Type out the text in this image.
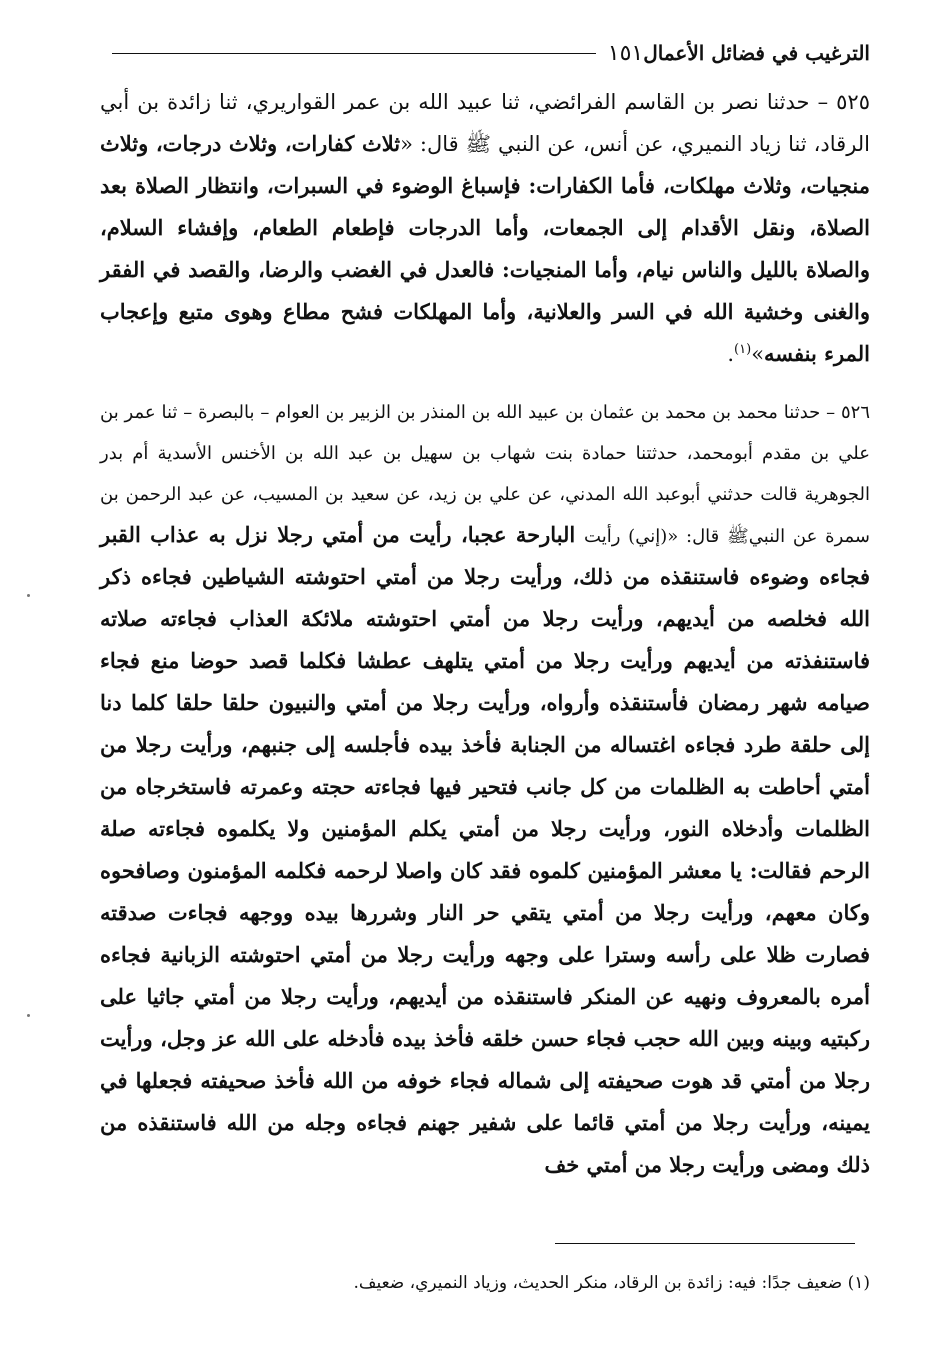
الترغيب في فضائل الأعمال
١٥١

٥٢٥ – حدثنا نصر بن القاسم الفرائضي، ثنا عبيد الله بن عمر القواريري، ثنا زائدة بن أبي الرقاد، ثنا زياد النميري، عن أنس، عن النبي ﷺ قال: «ثلاث كفارات، وثلاث درجات، وثلاث منجيات، وثلاث مهلكات، فأما الكفارات: فإسباغ الوضوء في السبرات، وانتظار الصلاة بعد الصلاة، ونقل الأقدام إلى الجمعات، وأما الدرجات فإطعام الطعام، وإفشاء السلام، والصلاة بالليل والناس نيام، وأما المنجيات: فالعدل في الغضب والرضا، والقصد في الفقر والغنى وخشية الله في السر والعلانية، وأما المهلكات فشح مطاع وهوى متبع وإعجاب المرء بنفسه»$^{(١)}$.

٥٢٦ – حدثنا محمد بن محمد بن عثمان بن عبيد الله بن المنذر بن الزبير بن العوام – بالبصرة – ثنا عمر بن علي بن مقدم أبومحمد، حدثتنا حمادة بنت شهاب بن سهيل بن عبد الله بن الأخنس الأسدية أم بدر الجوهرية قالت حدثني أبوعبد الله المدني، عن علي بن زيد، عن سعيد بن المسيب، عن عبد الرحمن بن سمرة عن النبيﷺ قال: «(إني) رأيت البارحة عجبا، رأيت من أمتي رجلا نزل به عذاب القبر فجاءه وضوءه فاستنقذه من ذلك، ورأيت رجلا من أمتي احتوشته الشياطين فجاءه ذكر الله فخلصه من أيديهم، ورأيت رجلا من أمتي احتوشته ملائكة العذاب فجاءته صلاته فاستنفذته من أيديهم ورأيت رجلا من أمتي يتلهف عطشا فكلما قصد حوضا منع فجاء صيامه شهر رمضان فأستنقذه وأرواه، ورأيت رجلا من أمتي والنبيون حلقا حلقا كلما دنا إلى حلقة طرد فجاءه اغتساله من الجنابة فأخذ بيده فأجلسه إلى جنبهم، ورأيت رجلا من أمتي أحاطت به الظلمات من كل جانب فتحير فيها فجاءته حجته وعمرته فاستخرجاه من الظلمات وأدخلاه النور، ورأيت رجلا من أمتي يكلم المؤمنين ولا يكلموه فجاءته صلة الرحم فقالت: يا معشر المؤمنين كلموه فقد كان واصلا لرحمه فكلمه المؤمنون وصافحوه وكان معهم، ورأيت رجلا من أمتي يتقي حر النار وشررها بيده ووجهه فجاءت صدقته فصارت ظلا على رأسه وسترا على وجهه ورأيت رجلا من أمتي احتوشته الزبانية فجاءه أمره بالمعروف ونهيه عن المنكر فاستنقذه من أيديهم، ورأيت رجلا من أمتي جاثيا على ركبتيه وبينه وبين الله حجب فجاء حسن خلقه فأخذ بيده فأدخله على الله عز وجل، ورأيت رجلا من أمتي قد هوت صحيفته إلى شماله فجاء خوفه من الله فأخذ صحيفته فجعلها في يمينه، ورأيت رجلا من أمتي قائما على شفير جهنم فجاءه وجله من الله فاستنقذه من ذلك ومضى ورأيت رجلا من أمتي خف

(١) ضعيف جدًا: فيه: زائدة بن الرقاد، منكر الحديث، وزياد النميري، ضعيف.
